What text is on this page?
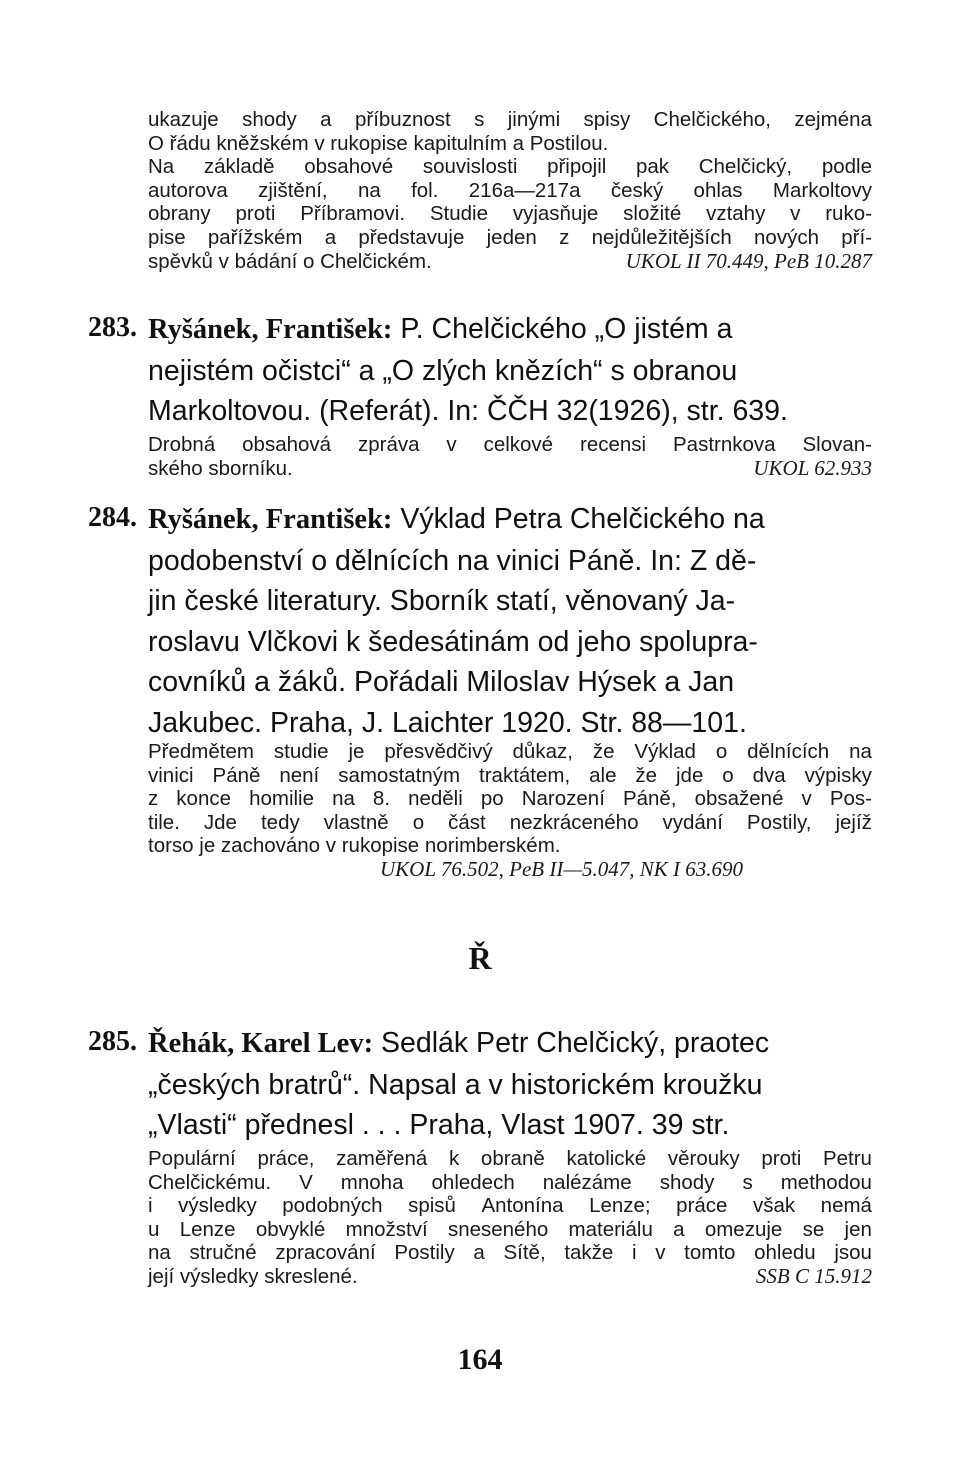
ukazuje shody a příbuznost s jinými spisy Chelčického, zejména
O řádu kněžském v rukopise kapitulním a Postilou.
Na základě obsahové souvislosti připojil pak Chelčický, podle
autorova zjištění, na fol. 216a—217a český ohlas Markoltovy
obrany proti Příbramovi. Studie vyjasňuje složité vztahy v ruko-
pise pařížském a představuje jeden z nejdůležitějších nových pří-
spěvků v bádání o Chelčickém.	UKOL II 70.449, PeB 10.287
283. Ryšánek, František: P. Chelčického „O jistém a
nejistém očistci“ a „O zlých knězích“ s obranou
Markoltovou. (Referát). In: ČČH 32(1926), str. 639.
Drobná obsahová zpráva v celkové recensi Pastrnkova Slovan-
ského sborníku.	UKOL 62.933
284. Ryšánek, František: Výklad Petra Chelčického na
podobenství o dělnících na vinici Páně. In: Z dě-
jin české literatury. Sborník statí, věnovaný Ja-
roslavu Vlčkovi k šedesátinám od jeho spolupra-
covníků a žáků. Pořádali Miloslav Hýsek a Jan
Jakubec. Praha, J. Laichter 1920. Str. 88—101.
Předmětem studie je přesvědčivý důkaz, že Výklad o dělnících na
vinici Páně není samostatným traktátem, ale že jde o dva výpisky
z konce homilie na 8. neděli po Narození Páně, obsažené v Pos-
tile. Jde tedy vlastně o část nezkráceného vydání Postily, jejíž
torso je zachováno v rukopise norimberském.
UKOL 76.502, PeB II—5.047, NK I 63.690
Ř
285. Řehák, Karel Lev: Sedlák Petr Chelčický, praotec
„českých bratrů“. Napsal a v historickém kroužku
„Vlasti“ přednesl . . . Praha, Vlast 1907. 39 str.
Populární práce, zaměřená k obraně katolické věrouky proti Petru
Chelčickému. V mnoha ohledech nalézáme shody s methodou
i výsledky podobných spisů Antonína Lenze; práce však nemá
u Lenze obvyklé množství sneseného materiálu a omezuje se jen
na stručné zpracování Postily a Sítě, takže i v tomto ohledu jsou
její výsledky skreslené.	SSB C 15.912
164
